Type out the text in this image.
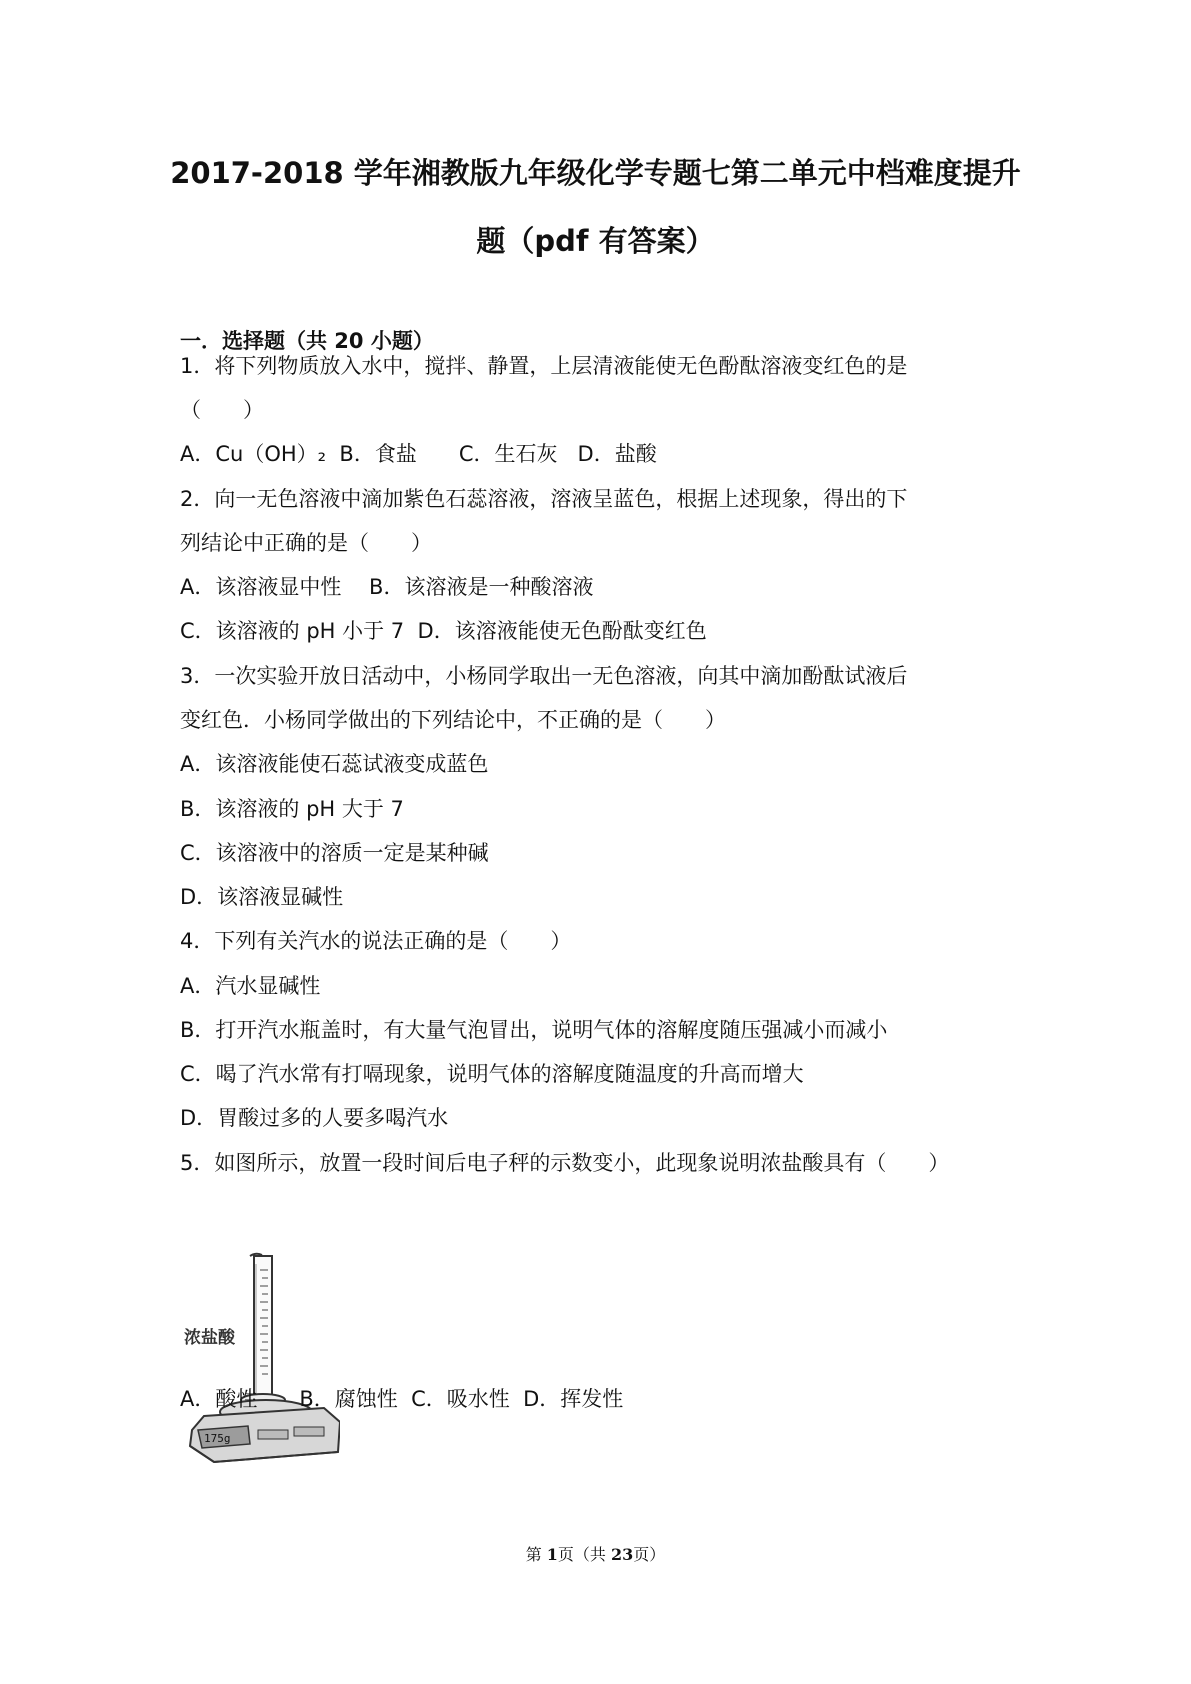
2017-2018 学年湘教版九年级化学专题七第二单元中档难度提升
题（pdf 有答案）
一．选择题（共 20 小题）
1．将下列物质放入水中，搅拌、静置，上层清液能使无色酚酞溶液变红色的是
（　　）
A．Cu（OH）₂  B．食盐　　C．生石灰   D．盐酸
2．向一无色溶液中滴加紫色石蕊溶液，溶液呈蓝色，根据上述现象，得出的下
列结论中正确的是（　　）
A．该溶液显中性　 B．该溶液是一种酸溶液
C．该溶液的 pH 小于 7  D．该溶液能使无色酚酞变红色
3．一次实验开放日活动中，小杨同学取出一无色溶液，向其中滴加酚酞试液后
变红色．小杨同学做出的下列结论中，不正确的是（　　）
A．该溶液能使石蕊试液变成蓝色
B．该溶液的 pH 大于 7
C．该溶液中的溶质一定是某种碱
D．该溶液显碱性
4．下列有关汽水的说法正确的是（　　）
A．汽水显碱性
B．打开汽水瓶盖时，有大量气泡冒出，说明气体的溶解度随压强减小而减小
C．喝了汽水常有打嗝现象，说明气体的溶解度随温度的升高而增大
D．胃酸过多的人要多喝汽水
5．如图所示，放置一段时间后电子秤的示数变小，此现象说明浓盐酸具有（　　）
浓盐酸
175g
A．酸性　　B．腐蚀性  C．吸水性  D．挥发性
第 1页（共 23页）
